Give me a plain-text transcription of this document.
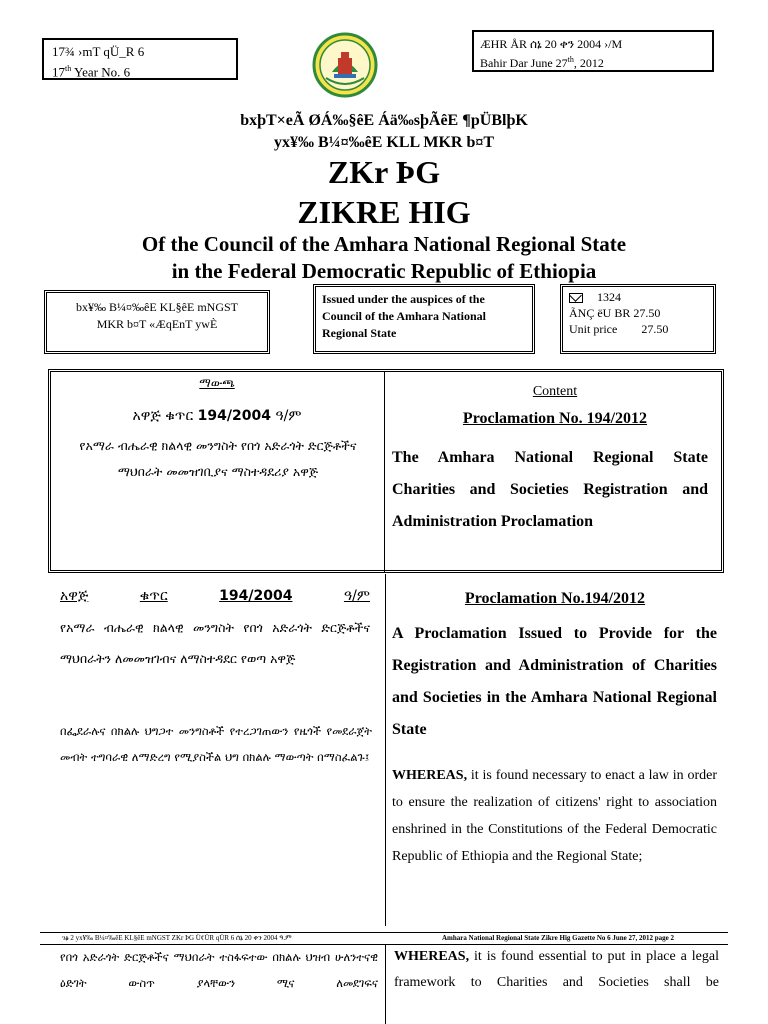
17¾ ›mT qÜ_R 6
17th Year No. 6
ÆHR ÅR ሰኔ 20 ቀን 2004 ›/M
Bahir Dar June 27th, 2012
bxþT×eÃ ØÁ‰§êE Áä‰sþÃêE ¶pÜBlþK
yx¥‰ B¼¤‰êE KLL MKR b¤T
ZKr ÞG
ZIKRE HIG
Of the Council of the Amhara National Regional State
in the Federal Democratic Republic of Ethiopia
bx¥‰ B¼¤‰êE KL§êE mNGST
MKR b¤T «ÆqEnT ywÈ
Issued under the auspices of the Council of the Amhara National Regional State
1324
ÃNÇ ëU BR 27.50
Unit price 27.50
ማውጫ
አዋጅ ቁጥር 194/2004 ዓ/ም
የአማራ ብሔራዊ ክልላዊ መንግስት የበጎ አድራጎት ድርጅቶችና ማህበራት መመዝገቢያና ማስተዳደሪያ አዋጅ
Content
Proclamation No. 194/2012
The Amhara National Regional State Charities and Societies Registration and Administration Proclamation
አዋጅ	ቁጥር	194/2004	ዓ/ም
የአማራ ብሔራዊ ክልላዊ መንግስት የበጎ አድራጎት ድርጅቶችና ማህበራትን ለመመዝገብና ለማስተዳደር የወጣ አዋጅ
በፌደራሉና በክልሉ ህግጋተ መንግስቶች የተረጋገጠውን የዜጎች የመደራጀት መብት ተግባራዊ ለማድረግ የሚያስችል ህግ በክልሉ ማውጣት በማስፈልጉ፤
Proclamation No.194/2012
A Proclamation Issued to Provide for the Registration and Administration of Charities and Societies in the Amhara National Regional State
WHEREAS, it is found necessary to enact a law in order to ensure the realization of citizens' right to association enshrined in the Constitutions of the Federal Democratic Republic of Ethiopia and the Regional State;
ገፅ 2 yx¥‰ B¼¤‰êE KL§êE mNGST ZKr ÞG Ü¢ÜR qÜR 6 ሰኔ 20 ቀን 2004 ዓ.ም	Amhara National Regional State Zikre Hig Gazette No 6 June 27, 2012 page 2
የበጎ አድራጎት ድርጅቶችና ማህበራት ተስፋፍተው በክልሉ ህዝብ ሁለንተናዊ ዕድገት ውስጥ ያላቸውን ሚና ለመደገፍና
WHEREAS, it is found essential to put in place a legal framework to Charities and Societies shall be
